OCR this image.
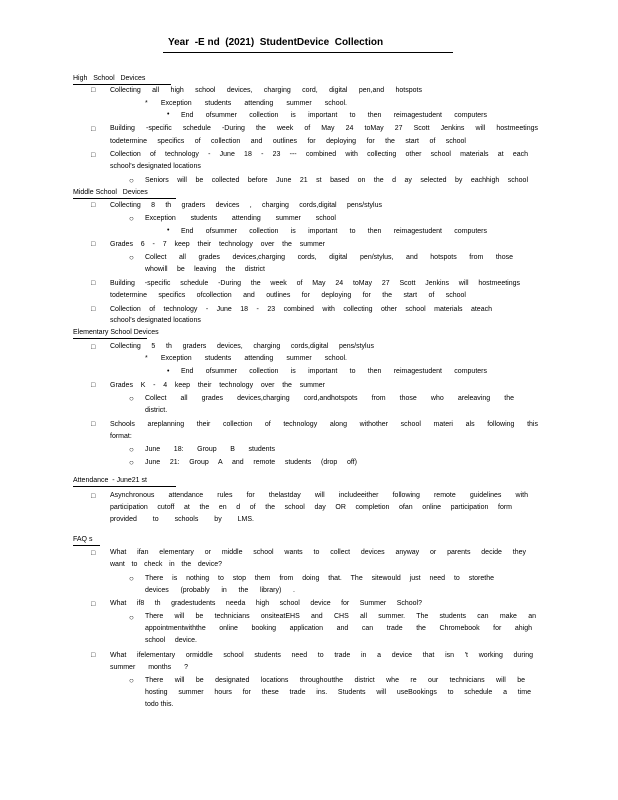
Year  -E nd  (2021)  StudentDevice  Collection
High   School   Devices
□ Collecting all high school devices, charging cord, digital pen,and hotspots
* Exception students attending summer school.
• End ofsummer collection is important to then reimagestudent computers
□ Building -specific schedule -During the week of May 24 toMay 27 Scott Jenkins will hostmeetings
todetermine specifics of collection and outlines for deploying for the start of school
□ Collection of technology - June 18 - 23 --- combined with collecting other school materials at each
school's designated locations
○ Seniors will be collected before June 21 st based on the d ay selected by eachhigh school
Middle School   Devices
□ Collecting 8 th graders devices , charging cords,digital pens/stylus
○ Exception students attending summer school
• End ofsummer collection is important to then reimagestudent computers
□ Grades 6 - 7 keep their technology over the summer
○ Collect all grades devices,charging cords, digital pen/stylus, and hotspots from those
whowill be leaving the district
□ Building -specific schedule -During the week of May 24 toMay 27 Scott Jenkins will hostmeetings
todetermine specifics ofcollection and outlines for deploying for the start of school
□ Collection of technology - June 18 - 23 combined with collecting other school materials ateach
school's designated locations
Elementary School Devices
□ Collecting 5 th graders devices, charging cords,digital pens/stylus
* Exception students attending summer school.
• End ofsummer collection is important to then reimagestudent computers
□ Grades K - 4 keep their technology over the summer
○ Collect all grades devices,charging cord,andhotspots from those who areleaving the
district.
□ Schools areplanning their collection of technology along withother school materi als following this
format:
○ June 18: Group B students
○ June 21: Group A and remote students (drop off)
Attendance  - June21 st
□ Asynchronous attendance rules for thelastday will includeeither following remote guidelines with
participation cutoff at the en d of the school day OR completion ofan online participation form
provided to schools by LMS.
FAQ s
□ What ifan elementary or middle school wants to collect devices anyway or parents decide they
want to check in the device?
○ There is nothing to stop them from doing that. The sitewould just need to storethe
devices (probably in the library) .
□ What if8 th gradestudents needa high school device for Summer School?
○ There will be technicians onsiteatEHS and CHS all summer. The students can make an
appointmentwiththe online booking application and can trade the Chromebook for ahigh
school device.
□ What ifelementary ormiddle school students need to trade in a device that isn 't working during
summer months ?
○ There will be designated locations throughoutthe district whe re our technicians will be
hosting summer hours for these trade ins. Students will useBookings to schedule a time
todo this.
